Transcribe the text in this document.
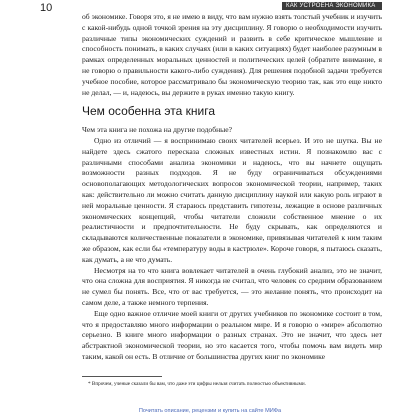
10	КАК УСТРОЕНА ЭКОНОМИКА

об экономике. Говоря это, я не имею в виду, что вам нужно взять толстый учебник и изучить с какой-нибудь одной точкой зрения на эту дисциплину. Я говорю о необходимости изучить различные типы экономических суждений и развить в себе критическое мышление и способность понимать, в каких случаях (или в каких ситуациях) будет наиболее разумным в рамках определенных моральных ценностей и политических целей (обратите внимание, я не говорю о правильности какого-либо суждения). Для решения подобной задачи требуется учебное пособие, которое рассматривало бы экономическую теорию так, как это еще никто не делал, — и, надеюсь, вы держите в руках именно такую книгу.

Чем особенна эта книга

Чем эта книга не похожа на другие подобные?

Одно из отличий — я воспринимаю своих читателей всерьез. И это не шутка. Вы не найдете здесь сжатого пересказа сложных известных истин. Я познакомлю вас с различными способами анализа экономики и надеюсь, что вы начнете ощущать возможности разных подходов. Я не буду ограничиваться обсуждениями основополагающих методологических вопросов экономической теории, например, таких как: действительно ли можно считать данную дисциплину наукой или какую роль играют в ней моральные ценности. Я стараюсь представить гипотезы, лежащие в основе различных экономических концепций, чтобы читатели сложили собственное мнение о их реалистичности и предпочтительности. Не буду скрывать, как определяются и складываются количественные показатели в экономике, привязывая читателей к ним таким же образом, как если бы «температуру воды в кастрюле». Короче говоря, я пытаюсь сказать, как думать, а не что думать.

Несмотря на то что книга вовлекает читателей в очень глубокий анализ, это не значит, что она сложна для восприятия. Я никогда не считал, что человек со средним образованием не сумел бы понять. Все, что от вас требуется, — это желание понять, что происходит на самом деле, а также немного терпения.

Еще одно важное отличие моей книги от других учебников по экономике состоит в том, что я предоставляю много информации о реальном мире. И я говорю о «мире» абсолютно серьезно. В книге много информации о разных странах. Это не значит, что здесь нет абстрактной экономической теории, но это касается того, чтобы помочь вам видеть мир таким, какой он есть. В отличие от большинства других книг по экономике

* Впрочем, ученые сказали бы вам, что даже эти цифры нельзя считать полностью объективными.
Почитать описание, рецензии и купить на сайте МИФа
